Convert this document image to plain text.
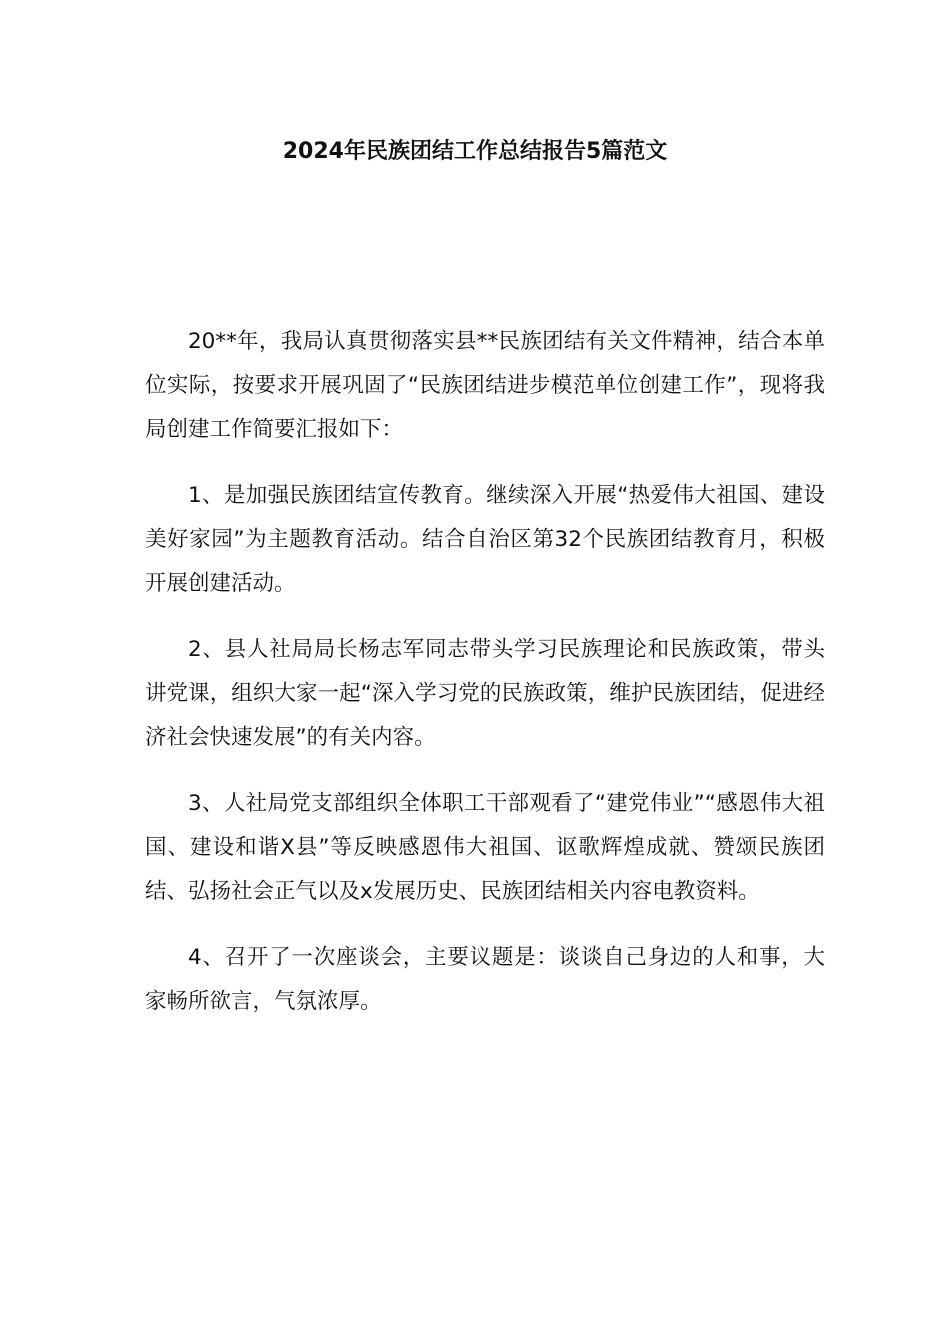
2024年民族团结工作总结报告5篇范文

20**年，我局认真贯彻落实县**民族团结有关文件精神，结合本单位实际，按要求开展巩固了“民族团结进步模范单位创建工作”，现将我局创建工作简要汇报如下：

1、是加强民族团结宣传教育。继续深入开展“热爱伟大祖国、建设美好家园”为主题教育活动。结合自治区第32个民族团结教育月，积极开展创建活动。

2、县人社局局长杨志军同志带头学习民族理论和民族政策，带头讲党课，组织大家一起“深入学习党的民族政策，维护民族团结，促进经济社会快速发展”的有关内容。

3、人社局党支部组织全体职工干部观看了“建党伟业”“感恩伟大祖国、建设和谐X县”等反映感恩伟大祖国、讴歌辉煌成就、赞颂民族团结、弘扬社会正气以及x发展历史、民族团结相关内容电教资料。

4、召开了一次座谈会，主要议题是：谈谈自己身边的人和事，大家畅所欲言，气氛浓厚。
